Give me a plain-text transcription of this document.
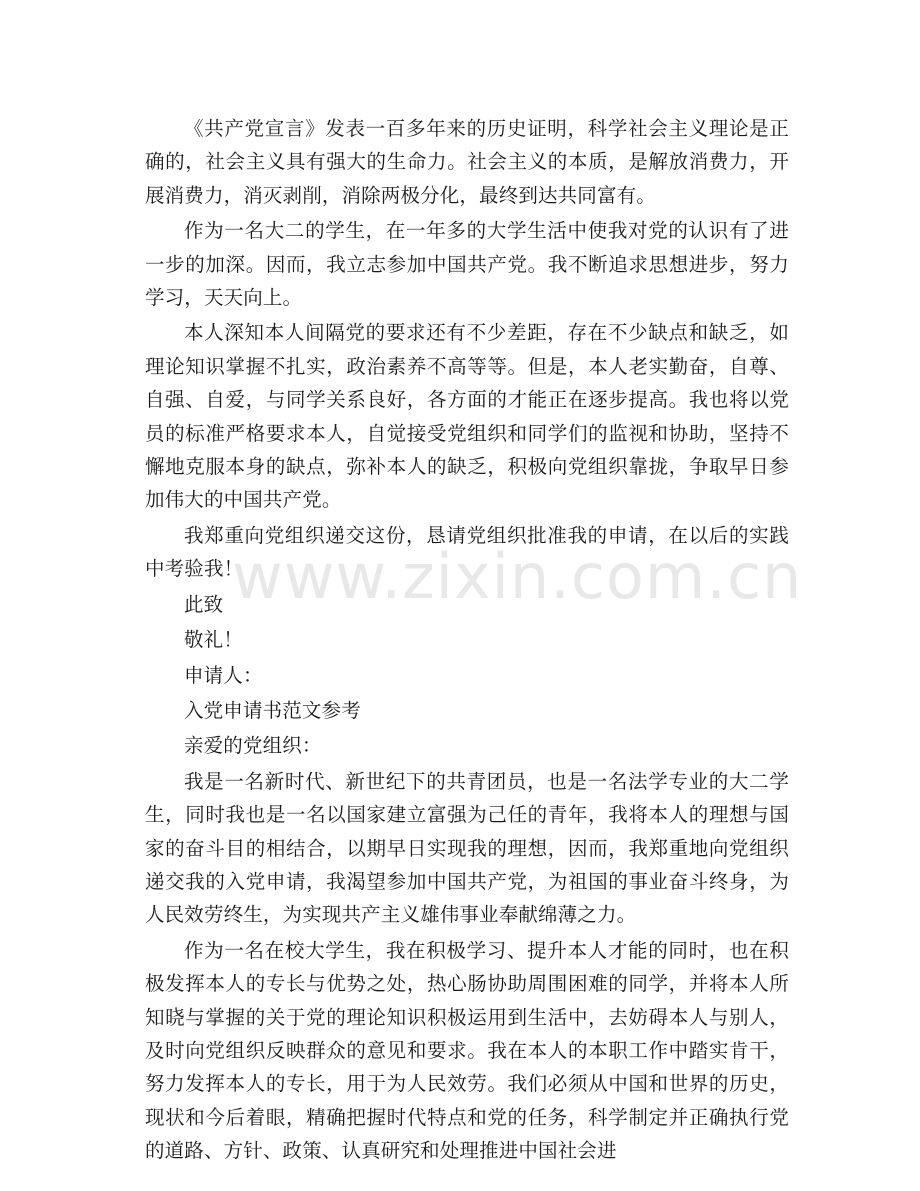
《共产党宣言》发表一百多年来的历史证明，科学社会主义理论是正确的，社会主义具有强大的生命力。社会主义的本质，是解放消费力，开展消费力，消灭剥削，消除两极分化，最终到达共同富有。

作为一名大二的学生，在一年多的大学生活中使我对党的认识有了进一步的加深。因而，我立志参加中国共产党。我不断追求思想进步，努力学习，天天向上。

本人深知本人间隔党的要求还有不少差距，存在不少缺点和缺乏，如理论知识掌握不扎实，政治素养不高等等。但是，本人老实勤奋，自尊、自强、自爱，与同学关系良好，各方面的才能正在逐步提高。我也将以党员的标准严格要求本人，自觉接受党组织和同学们的监视和协助，坚持不懈地克服本身的缺点，弥补本人的缺乏，积极向党组织靠拢，争取早日参加伟大的中国共产党。

我郑重向党组织递交这份，恳请党组织批准我的申请，在以后的实践中考验我！

此致

敬礼！

申请人：

入党申请书范文参考

亲爱的党组织：

我是一名新时代、新世纪下的共青团员，也是一名法学专业的大二学生，同时我也是一名以国家建立富强为己任的青年，我将本人的理想与国家的奋斗目的相结合，以期早日实现我的理想，因而，我郑重地向党组织递交我的入党申请，我渴望参加中国共产党，为祖国的事业奋斗终身，为人民效劳终生，为实现共产主义雄伟事业奉献绵薄之力。

作为一名在校大学生，我在积极学习、提升本人才能的同时，也在积极发挥本人的专长与优势之处，热心肠协助周围困难的同学，并将本人所知晓与掌握的关于党的理论知识积极运用到生活中，去妨碍本人与别人，及时向党组织反映群众的意见和要求。我在本人的本职工作中踏实肯干，努力发挥本人的专长，用于为人民效劳。我们必须从中国和世界的历史，现状和今后着眼，精确把握时代特点和党的任务，科学制定并正确执行党的道路、方针、政策、认真研究和处理推进中国社会进

www.zixin.com.cn
